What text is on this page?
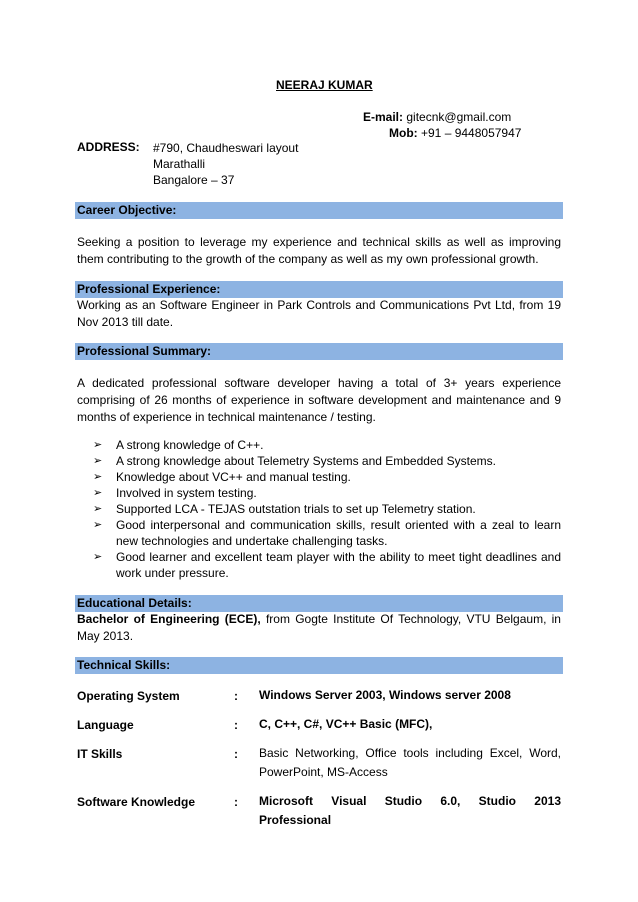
NEERAJ KUMAR
E-mail: gitecnk@gmail.com
Mob: +91 – 9448057947
ADDRESS: #790, Chaudheswari layout
Marathalli
Bangalore – 37
Career Objective:
Seeking a position to leverage my experience and technical skills as well as improving them contributing to the growth of the company as well as my own professional growth.
Professional Experience:
Working as an Software Engineer in Park Controls and Communications Pvt Ltd, from 19 Nov 2013 till date.
Professional Summary:
A dedicated professional software developer having a total of 3+ years experience comprising of 26 months of experience in software development and maintenance and 9 months of experience in technical maintenance / testing.
➢ A strong knowledge of C++.
➢ A strong knowledge about Telemetry Systems and Embedded Systems.
➢ Knowledge about VC++ and manual testing.
➢ Involved in system testing.
➢ Supported LCA - TEJAS outstation trials to set up Telemetry station.
➢ Good interpersonal and communication skills, result oriented with a zeal to learn new technologies and undertake challenging tasks.
➢ Good learner and excellent team player with the ability to meet tight deadlines and work under pressure.
Educational Details:
Bachelor of Engineering (ECE), from Gogte Institute Of Technology, VTU Belgaum, in May 2013.
Technical Skills:
Operating System	: Windows Server 2003, Windows server 2008
Language	: C, C++, C#, VC++ Basic (MFC),
IT Skills	: Basic Networking, Office tools including Excel, Word, PowerPoint, MS-Access
Software Knowledge	: Microsoft Visual Studio 6.0, Studio 2013 Professional
